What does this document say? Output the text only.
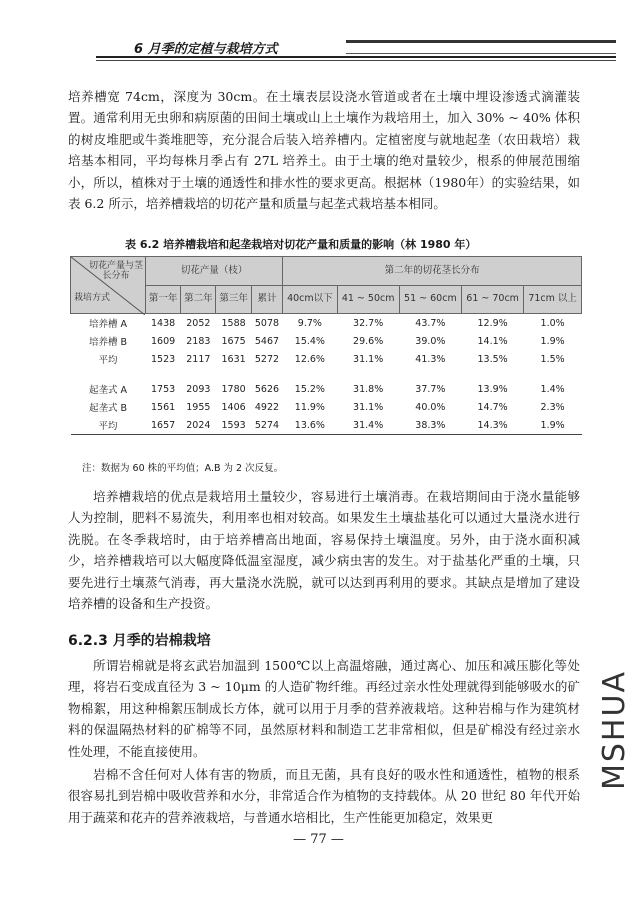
6 月季的定植与栽培方式
培养槽宽 74cm，深度为 30cm。在土壤表层设浇水管道或者在土壤中埋设渗透式滴灌装置。通常利用无虫卵和病原菌的田间土壤或山上土壤作为栽培用土，加入 30% ~ 40% 体积的树皮堆肥或牛粪堆肥等，充分混合后装入培养槽内。定植密度与就地起垄（农田栽培）栽培基本相同，平均每株月季占有 27L 培养土。由于土壤的绝对量较少，根系的伸展范围缩小，所以，植株对于土壤的通透性和排水性的要求更高。根据林（1980年）的实验结果，如表 6.2 所示，培养槽栽培的切花产量和质量与起垄式栽培基本相同。
表 6.2 培养槽栽培和起垄栽培对切花产量和质量的影响（林 1980 年）
切花产量与茎长分布
栽培方式	切花产量（枝）				第二年的切花茎长分布				
	第一年	第二年	第三年	累计	40cm以下	41 ~ 50cm	51 ~ 60cm	61 ~ 70cm	71cm 以上
培养槽 A	1438	2052	1588	5078	9.7%	32.7%	43.7%	12.9%	1.0%
培养槽 B	1609	2183	1675	5467	15.4%	29.6%	39.0%	14.1%	1.9%
平均	1523	2117	1631	5272	12.6%	31.1%	41.3%	13.5%	1.5%

起垄式 A	1753	2093	1780	5626	15.2%	31.8%	37.7%	13.9%	1.4%
起垄式 B	1561	1955	1406	4922	11.9%	31.1%	40.0%	14.7%	2.3%
平均	1657	2024	1593	5274	13.6%	31.4%	38.3%	14.3%	1.9%

注：数据为 60 株的平均值；A.B 为 2 次反复。
培养槽栽培的优点是栽培用土量较少，容易进行土壤消毒。在栽培期间由于浇水量能够人为控制，肥料不易流失，利用率也相对较高。如果发生土壤盐基化可以通过大量浇水进行洗脱。在冬季栽培时，由于培养槽高出地面，容易保持土壤温度。另外，由于浇水面积减少，培养槽栽培可以大幅度降低温室湿度，减少病虫害的发生。对于盐基化严重的土壤，只要先进行土壤蒸气消毒，再大量浇水洗脱，就可以达到再利用的要求。其缺点是增加了建设培养槽的设备和生产投资。
6.2.3 月季的岩棉栽培
所谓岩棉就是将玄武岩加温到 1500℃以上高温熔融，通过离心、加压和减压膨化等处理，将岩石变成直径为 3 ~ 10μm 的人造矿物纤维。再经过亲水性处理就得到能够吸水的矿物棉絮，用这种棉絮压制成长方体，就可以用于月季的营养液栽培。这种岩棉与作为建筑材料的保温隔热材料的矿棉等不同，虽然原材料和制造工艺非常相似，但是矿棉没有经过亲水性处理，不能直接使用。
岩棉不含任何对人体有害的物质，而且无菌，具有良好的吸水性和通透性，植物的根系很容易扎到岩棉中吸收营养和水分，非常适合作为植物的支持载体。从 20 世纪 80 年代开始用于蔬菜和花卉的营养液栽培，与普通水培相比，生产性能更加稳定，效果更
— 77 —
MSHUA
